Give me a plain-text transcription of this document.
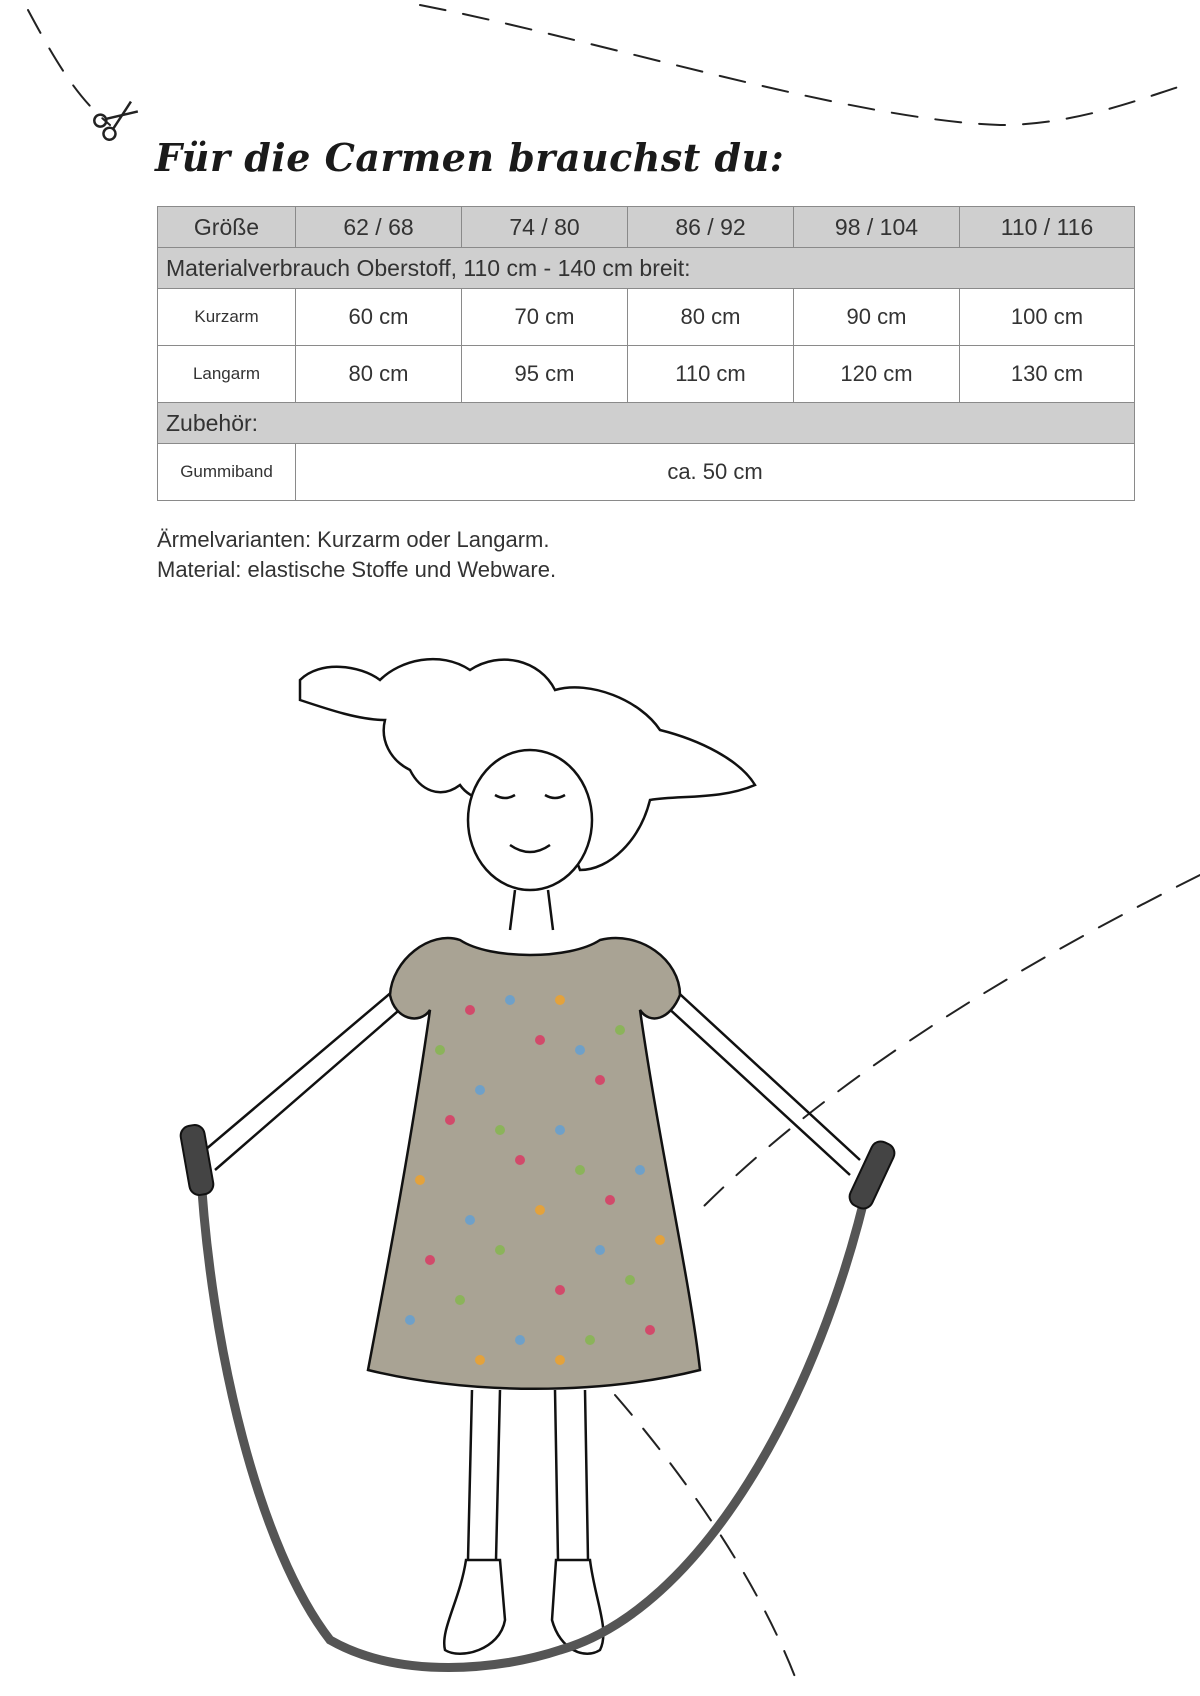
Für die Carmen brauchst du:
Größe	62 / 68	74 / 80	86 / 92	98 / 104	110 / 116
Materialverbrauch Oberstoff, 110 cm - 140 cm breit:					
Kurzarm	60 cm	70 cm	80 cm	90 cm	100 cm
Langarm	80 cm	95 cm	110 cm	120 cm	130 cm
Zubehör:					
Gummiband	ca. 50 cm				
Ärmelvarianten: Kurzarm oder Langarm.
Material: elastische Stoffe und Webware.
